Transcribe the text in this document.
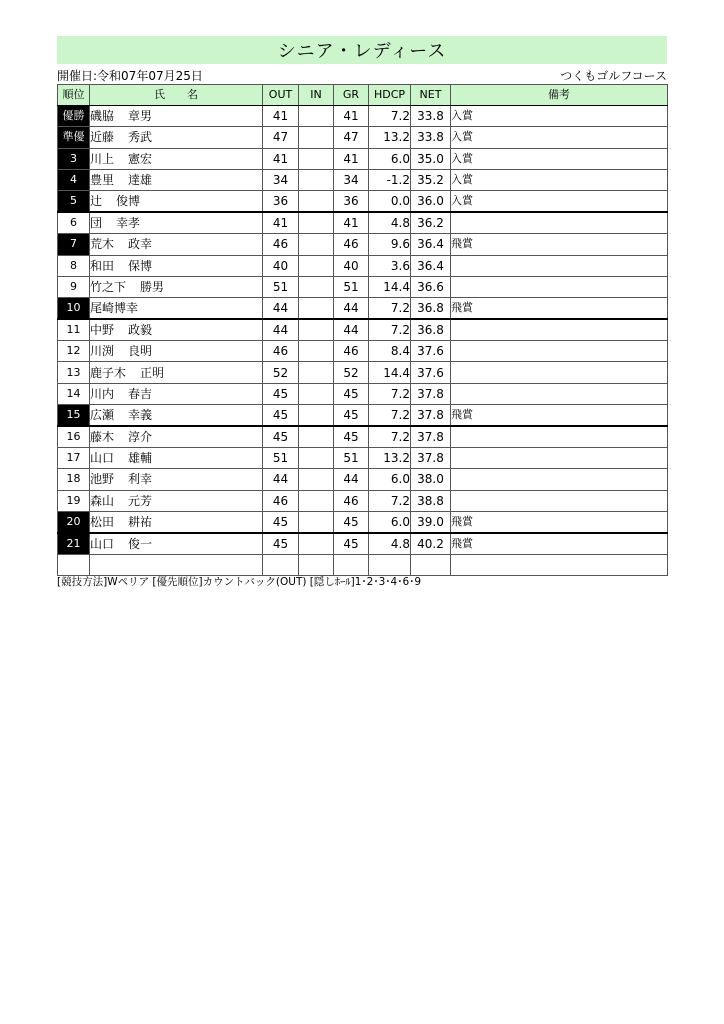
シニア・レディース
開催日:令和07年07月25日	つくもゴルフコース
順位	氏　　名	OUT	IN	GR	HDCP	NET	備考
優勝	磯脇 章男	41		41	7.2	33.8	入賞
準優	近藤 秀武	47		47	13.2	33.8	入賞
3	川上 憲宏	41		41	6.0	35.0	入賞
4	豊里 達雄	34		34	-1.2	35.2	入賞
5	辻 俊博	36		36	0.0	36.0	入賞
6	団 幸孝	41		41	4.8	36.2	
7	荒木 政幸	46		46	9.6	36.4	飛賞
8	和田 保博	40		40	3.6	36.4	
9	竹之下 勝男	51		51	14.4	36.6	
10	尾崎博幸	44		44	7.2	36.8	飛賞
11	中野 政毅	44		44	7.2	36.8	
12	川渕 良明	46		46	8.4	37.6	
13	鹿子木 正明	52		52	14.4	37.6	
14	川内 春吉	45		45	7.2	37.8	
15	広瀬 幸義	45		45	7.2	37.8	飛賞
16	藤木 淳介	45		45	7.2	37.8	
17	山口 雄輔	51		51	13.2	37.8	
18	池野 利幸	44		44	6.0	38.0	
19	森山 元芳	46		46	7.2	38.8	
20	松田 耕祐	45		45	6.0	39.0	飛賞
21	山口 俊一	45		45	4.8	40.2	飛賞

[競技方法]Wペリア [優先順位]カウントバック(OUT) [隠しﾎｰﾙ]1･2･3･4･6･9
